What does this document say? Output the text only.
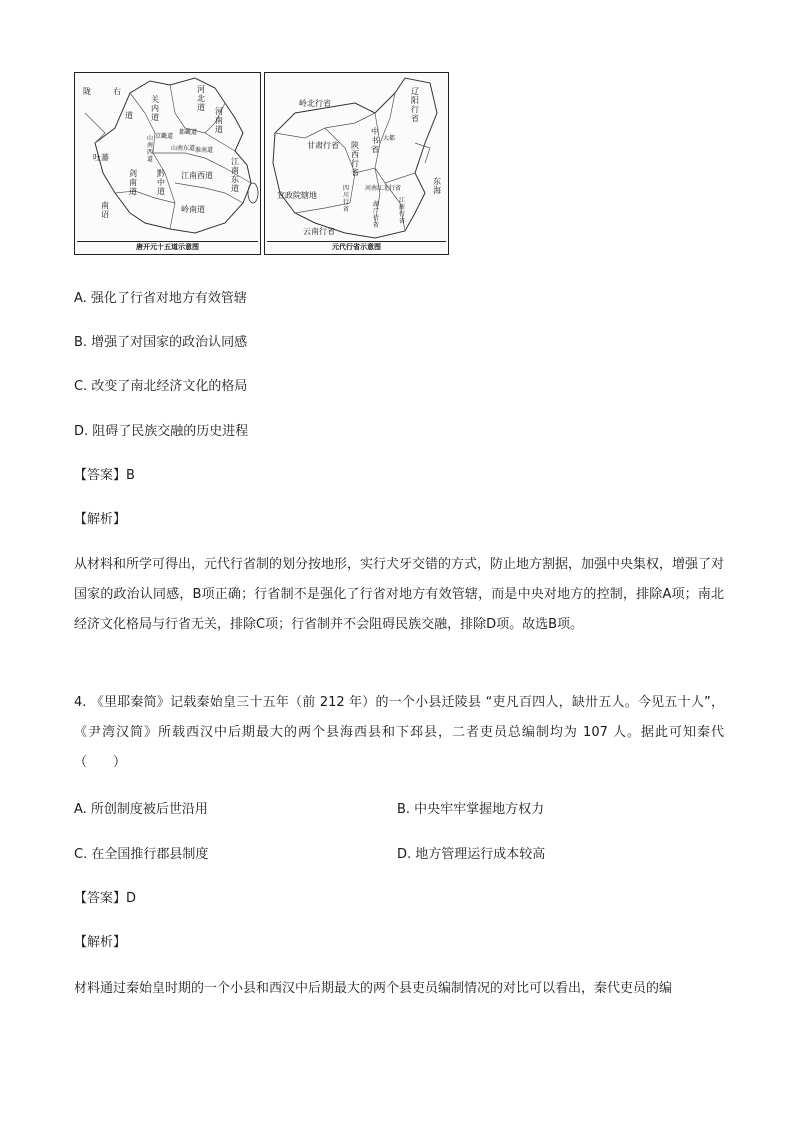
陇	右
道
关内道
河北道 河南道
吐蕃
京畿道
都畿道
山南东道
山南西道
淮南道
剑南道
黔中道
江南西道
江南东道
岭南道
南诏
唐开元十五道示意图
岭北行省
辽阳行省
甘肃行省
中书省
大都
陕西行省
四川行省
河南江北行省
宣政院辖地
湖广行省
江浙行省
东海
云南行省
元代行省示意图
A. 强化了行省对地方有效管辖
B. 增强了对国家的政治认同感
C. 改变了南北经济文化的格局
D. 阻碍了民族交融的历史进程
【答案】B
【解析】
从材料和所学可得出，元代行省制的划分按地形，实行犬牙交错的方式，防止地方割据，加强中央集权，增强了对国家的政治认同感，B项正确；行省制不是强化了行省对地方有效管辖，而是中央对地方的控制，排除A项；南北经济文化格局与行省无关，排除C项；行省制并不会阻碍民族交融，排除D项。故选B项。
4. 《里耶秦简》记载秦始皇三十五年（前 212 年）的一个小县迁陵县 “吏凡百四人，缺卅五人。今见五十人”，《尹湾汉简》所载西汉中后期最大的两个县海西县和下邳县，二者吏员总编制均为 107 人。据此可知秦代（　　）
A. 所创制度被后世沿用	B. 中央牢牢掌握地方权力
C. 在全国推行郡县制度	D. 地方管理运行成本较高
【答案】D
【解析】
材料通过秦始皇时期的一个小县和西汉中后期最大的两个县吏员编制情况的对比可以看出，秦代吏员的编
